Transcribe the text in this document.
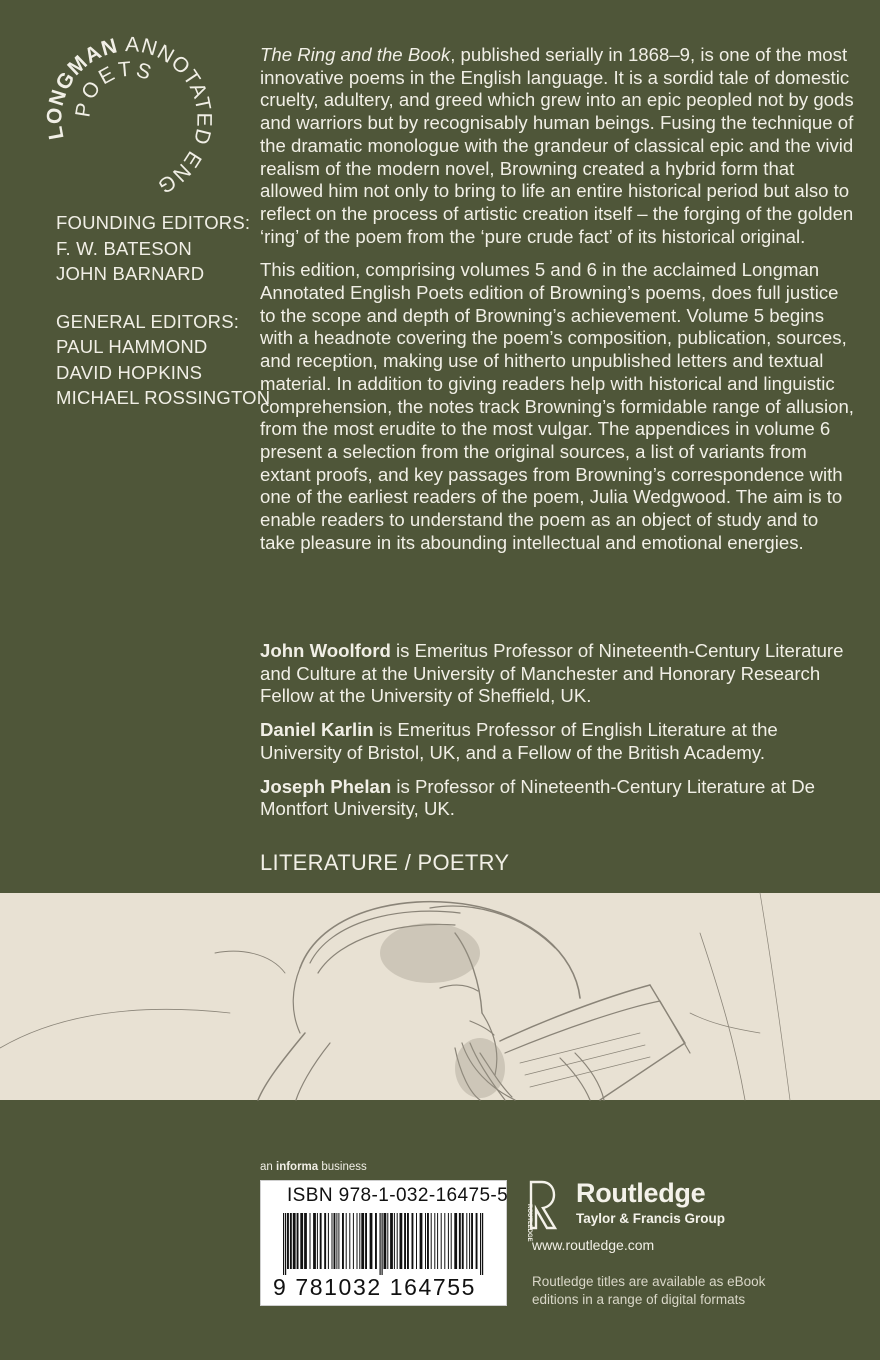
LONGMAN ANNOTATED ENGLISH
POETS
FOUNDING EDITORS:
F. W. BATESON
JOHN BARNARD
GENERAL EDITORS:
PAUL HAMMOND
DAVID HOPKINS
MICHAEL ROSSINGTON

The Ring and the Book, published serially in 1868–9, is one of the most innovative poems in the English language. It is a sordid tale of domestic cruelty, adultery, and greed which grew into an epic peopled not by gods and warriors but by recognisably human beings. Fusing the technique of the dramatic monologue with the grandeur of classical epic and the vivid realism of the modern novel, Browning created a hybrid form that allowed him not only to bring to life an entire historical period but also to reflect on the process of artistic creation itself – the forging of the golden ‘ring’ of the poem from the ‘pure crude fact’ of its historical original.

This edition, comprising volumes 5 and 6 in the acclaimed Longman Annotated English Poets edition of Browning’s poems, does full justice to the scope and depth of Browning’s achievement. Volume 5 begins with a headnote covering the poem’s composition, publication, sources, and reception, making use of hitherto unpublished letters and textual material. In addition to giving readers help with historical and linguistic comprehension, the notes track Browning’s formidable range of allusion, from the most erudite to the most vulgar. The appendices in volume 6 present a selection from the original sources, a list of variants from extant proofs, and key passages from Browning’s correspondence with one of the earliest readers of the poem, Julia Wedgwood. The aim is to enable readers to understand the poem as an object of study and to take pleasure in its abounding intellectual and emotional energies.

John Woolford is Emeritus Professor of Nineteenth-Century Literature and Culture at the University of Manchester and Honorary Research Fellow at the University of Sheffield, UK.

Daniel Karlin is Emeritus Professor of English Literature at the University of Bristol, UK, and a Fellow of the British Academy.

Joseph Phelan is Professor of Nineteenth-Century Literature at De Montfort University, UK.

LITERATURE / POETRY
an informa business
ISBN 978-1-032-16475-5
9 781032 164755
ROUTLEDGE
Routledge
Taylor & Francis Group
www.routledge.com
Routledge titles are available as eBook editions in a range of digital formats
